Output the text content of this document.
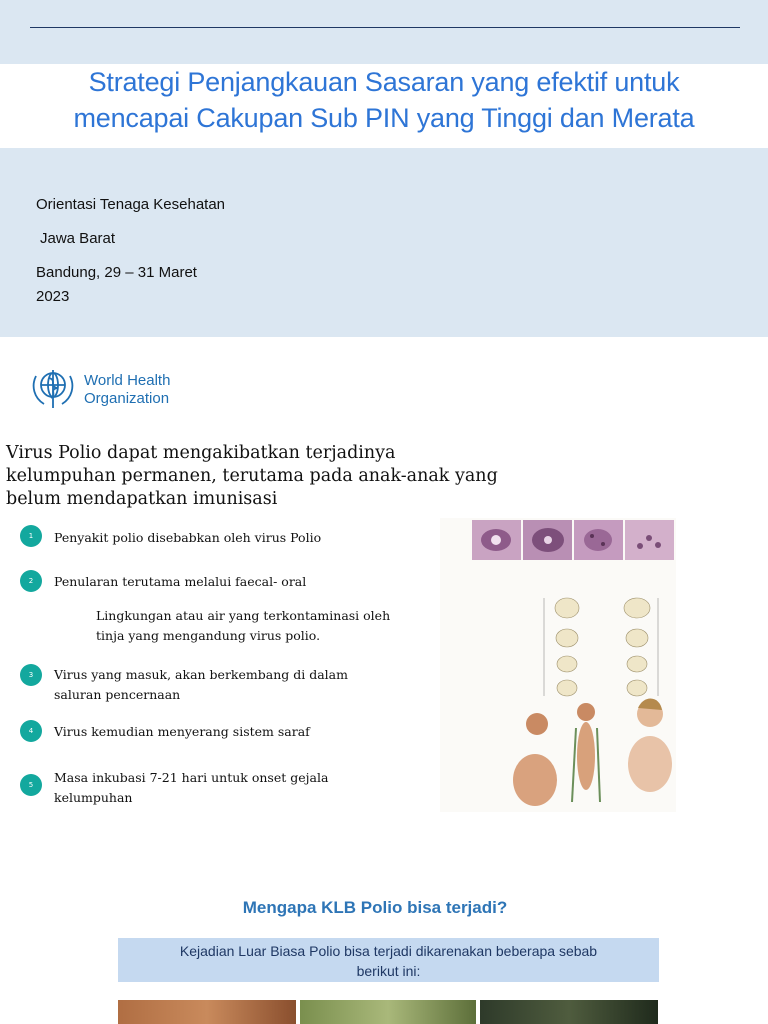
Strategi Penjangkauan Sasaran yang efektif untuk
mencapai Cakupan Sub PIN yang Tinggi dan Merata
Orientasi Tenaga Kesehatan
Jawa Barat
Bandung, 29 – 31 Maret
2023
World Health
Organization
Virus Polio dapat mengakibatkan terjadinya
kelumpuhan permanen, terutama pada anak-anak yang
belum mendapatkan imunisasi
1	Penyakit polio disebabkan oleh virus Polio
2	Penularan terutama melalui faecal- oral
Lingkungan atau air yang terkontaminasi oleh
tinja yang mengandung virus polio.
3	Virus yang masuk, akan berkembang di dalam
saluran pencernaan
4	Virus kemudian menyerang sistem saraf
5	Masa inkubasi 7-21 hari untuk onset gejala
kelumpuhan
Mengapa KLB Polio bisa terjadi?
Kejadian Luar Biasa Polio bisa terjadi dikarenakan beberapa sebab
berikut ini:
